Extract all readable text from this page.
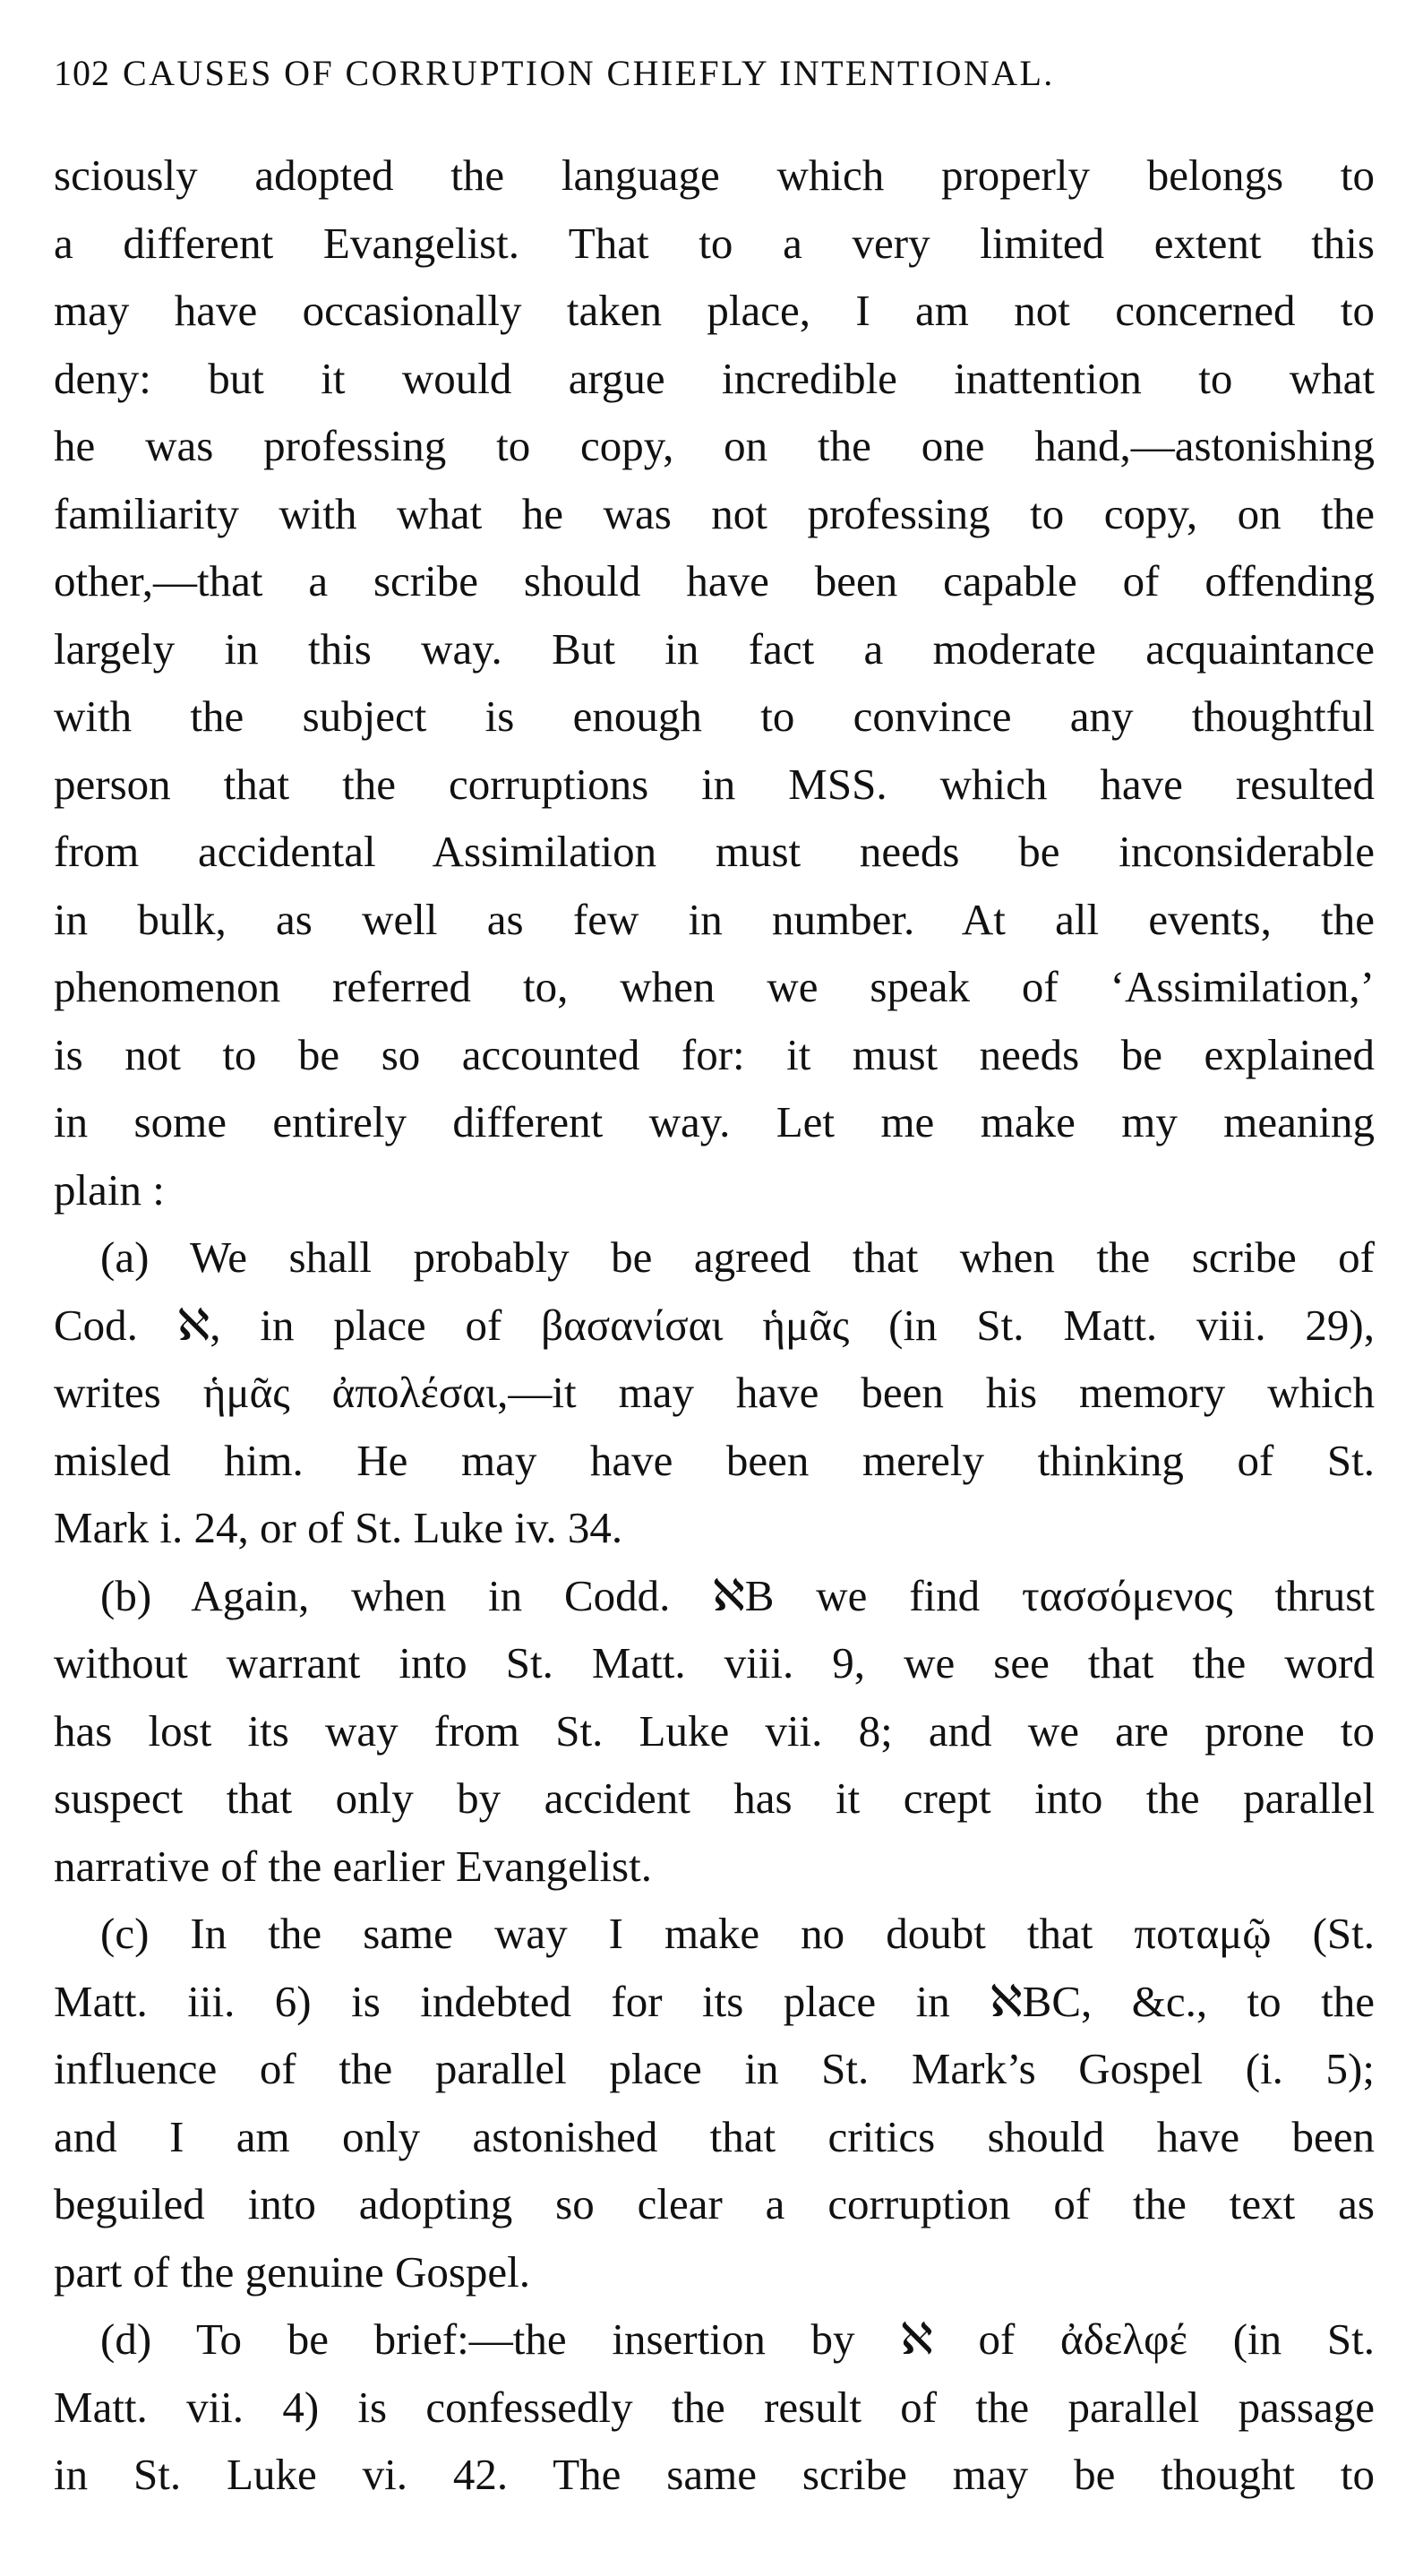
102 CAUSES OF CORRUPTION CHIEFLY INTENTIONAL.
sciously adopted the language which properly belongs to
a different Evangelist. That to a very limited extent this
may have occasionally taken place, I am not concerned to
deny: but it would argue incredible inattention to what
he was professing to copy, on the one hand,—astonishing
familiarity with what he was not professing to copy, on the
other,—that a scribe should have been capable of offending
largely in this way. But in fact a moderate acquaintance
with the subject is enough to convince any thoughtful
person that the corruptions in MSS. which have resulted
from accidental Assimilation must needs be inconsiderable
in bulk, as well as few in number. At all events, the
phenomenon referred to, when we speak of ‘Assimilation,’
is not to be so accounted for: it must needs be explained
in some entirely different way. Let me make my meaning
plain :
(a) We shall probably be agreed that when the scribe of
Cod. ℵ, in place of βασανίσαι ἡμᾶς (in St. Matt. viii. 29),
writes ἡμᾶς ἀπολέσαι,—it may have been his memory which
misled him. He may have been merely thinking of St.
Mark i. 24, or of St. Luke iv. 34.
(b) Again, when in Codd. ℵB we find τασσόμενος thrust
without warrant into St. Matt. viii. 9, we see that the word
has lost its way from St. Luke vii. 8; and we are prone to
suspect that only by accident has it crept into the parallel
narrative of the earlier Evangelist.
(c) In the same way I make no doubt that ποταμῷ (St.
Matt. iii. 6) is indebted for its place in ℵBC, &c., to the
influence of the parallel place in St. Mark’s Gospel (i. 5);
and I am only astonished that critics should have been
beguiled into adopting so clear a corruption of the text as
part of the genuine Gospel.
(d) To be brief:—the insertion by ℵ of ἀδελφέ (in St.
Matt. vii. 4) is confessedly the result of the parallel passage
in St. Luke vi. 42. The same scribe may be thought to
